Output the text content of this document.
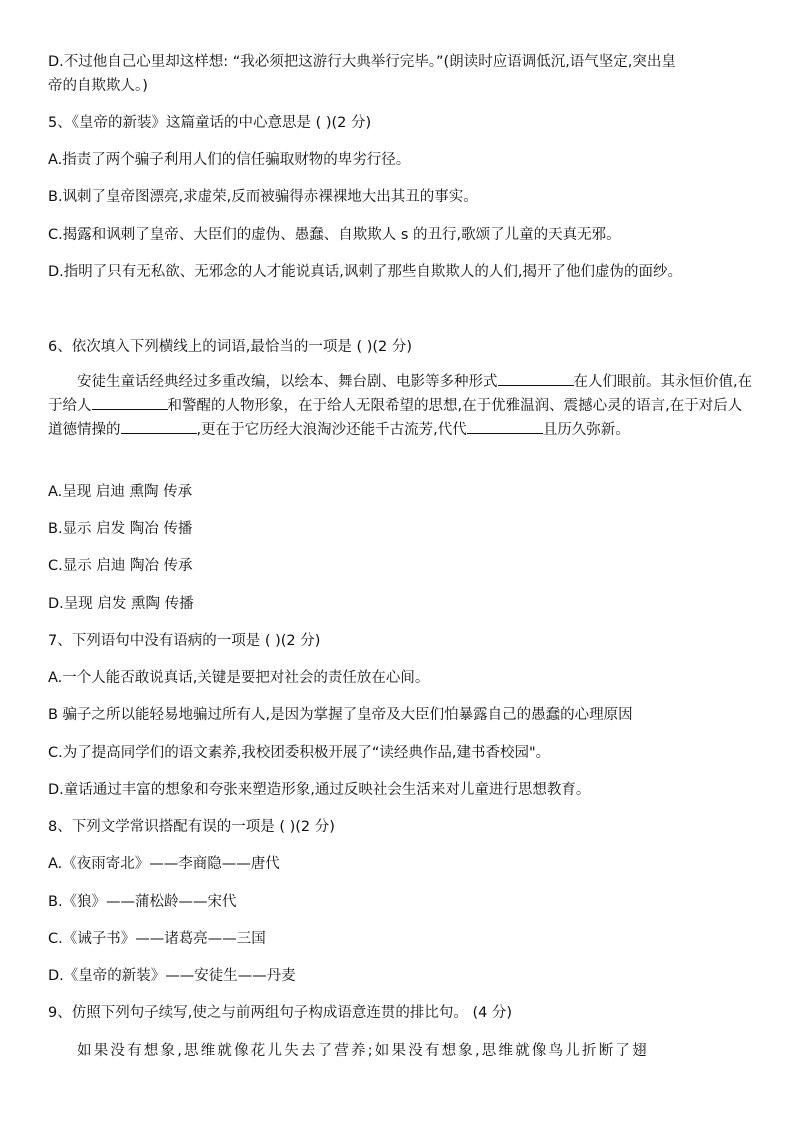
D.不过他自己心里却这样想: “我必须把这游行大典举行完毕。”(朗读时应语调低沉,语气坚定,突出皇
帝的自欺欺人。)
5、《皇帝的新装》这篇童话的中心意思是 ( )(2 分)
A.指责了两个骗子利用人们的信任骗取财物的卑劣行径。
B.讽刺了皇帝图漂亮,求虚荣,反而被骗得赤裸裸地大出其丑的事实。
C.揭露和讽刺了皇帝、大臣们的虚伪、愚蠢、自欺欺人 s 的丑行,歌颂了儿童的天真无邪。
D.指明了只有无私欲、无邪念的人才能说真话,讽刺了那些自欺欺人的人们,揭开了他们虚伪的面纱。
6、依次填入下列横线上的词语,最恰当的一项是 ( )(2 分)
安徒生童话经典经过多重改编，以绘本、舞台剧、电影等多种形式	在人们眼前。其永恒价值,在于给人	和警醒的人物形象，在于给人无限希望的思想,在于优雅温润、震撼心灵的语言,在于对后人道德情操的	,更在于它历经大浪淘沙还能千古流芳,代代	且历久弥新。
A.呈现 启迪 熏陶 传承
B.显示 启发 陶冶 传播
C.显示 启迪 陶冶 传承
D.呈现 启发 熏陶 传播
7、下列语句中没有语病的一项是 ( )(2 分)
A.一个人能否敢说真话,关键是要把对社会的责任放在心间。
B 骗子之所以能轻易地骗过所有人,是因为掌握了皇帝及大臣们怕暴露自己的愚蠢的心理原因
C.为了提高同学们的语文素养,我校团委积极开展了“读经典作品,建书香校园"。
D.童话通过丰富的想象和夸张来塑造形象,通过反映社会生活来对儿童进行思想教育。
8、下列文学常识搭配有误的一项是 ( )(2 分)
A.《夜雨寄北》——李商隐——唐代
B.《狼》——蒲松龄——宋代
C.《诫子书》——诸葛亮——三国
D.《皇帝的新装》——安徒生——丹麦
9、仿照下列句子续写,使之与前两组句子构成语意连贯的排比句。 (4 分)
如果没有想象,思维就像花儿失去了营养;如果没有想象,思维就像鸟儿折断了翅
